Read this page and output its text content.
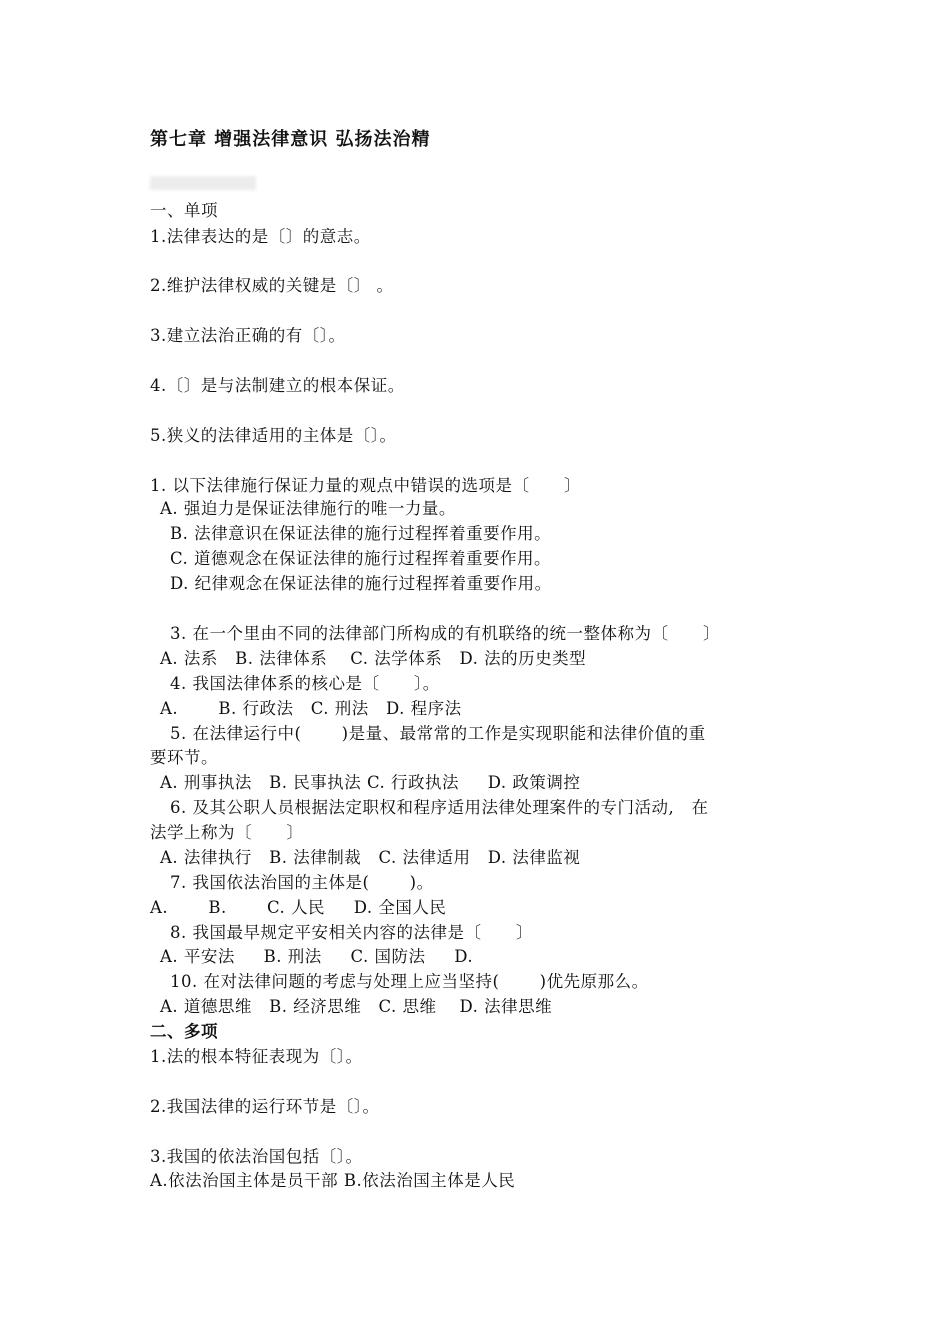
第七章 增强法律意识 弘扬法治精
一、单项
1.法律表达的是〔〕的意志。
2.维护法律权威的关键是〔〕 。
3.建立法治正确的有〔〕。
4.〔〕是与法制建立的根本保证。
5.狭义的法律适用的主体是〔〕。
1. 以下法律施行保证力量的观点中错误的选项是〔      〕
A. 强迫力是保证法律施行的唯一力量。
B. 法律意识在保证法律的施行过程挥着重要作用。
C. 道德观念在保证法律的施行过程挥着重要作用。
D. 纪律观念在保证法律的施行过程挥着重要作用。
3. 在一个里由不同的法律部门所构成的有机联络的统一整体称为〔      〕
A. 法系   B. 法律体系    C. 法学体系   D. 法的历史类型
4. 我国法律体系的核心是〔      〕。
A.       B. 行政法   C. 刑法   D. 程序法
5. 在法律运行中(       )是量、最常常的工作是实现职能和法律价值的重
要环节。
A. 刑事执法   B. 民事执法 C. 行政执法     D. 政策调控
6. 及其公职人员根据法定职权和程序适用法律处理案件的专门活动,   在
法学上称为〔      〕
A. 法律执行   B. 法律制裁   C. 法律适用   D. 法律监视
7. 我国依法治国的主体是(       )。
A.       B.       C. 人民     D. 全国人民
8. 我国最早规定平安相关内容的法律是〔      〕
A. 平安法     B. 刑法     C. 国防法     D.
10. 在对法律问题的考虑与处理上应当坚持(       )优先原那么。
A. 道德思维   B. 经济思维   C. 思维    D. 法律思维
二、多项
1.法的根本特征表现为〔〕。
2.我国法律的运行环节是〔〕。
3.我国的依法治国包括〔〕。
A.依法治国主体是员干部 B.依法治国主体是人民
